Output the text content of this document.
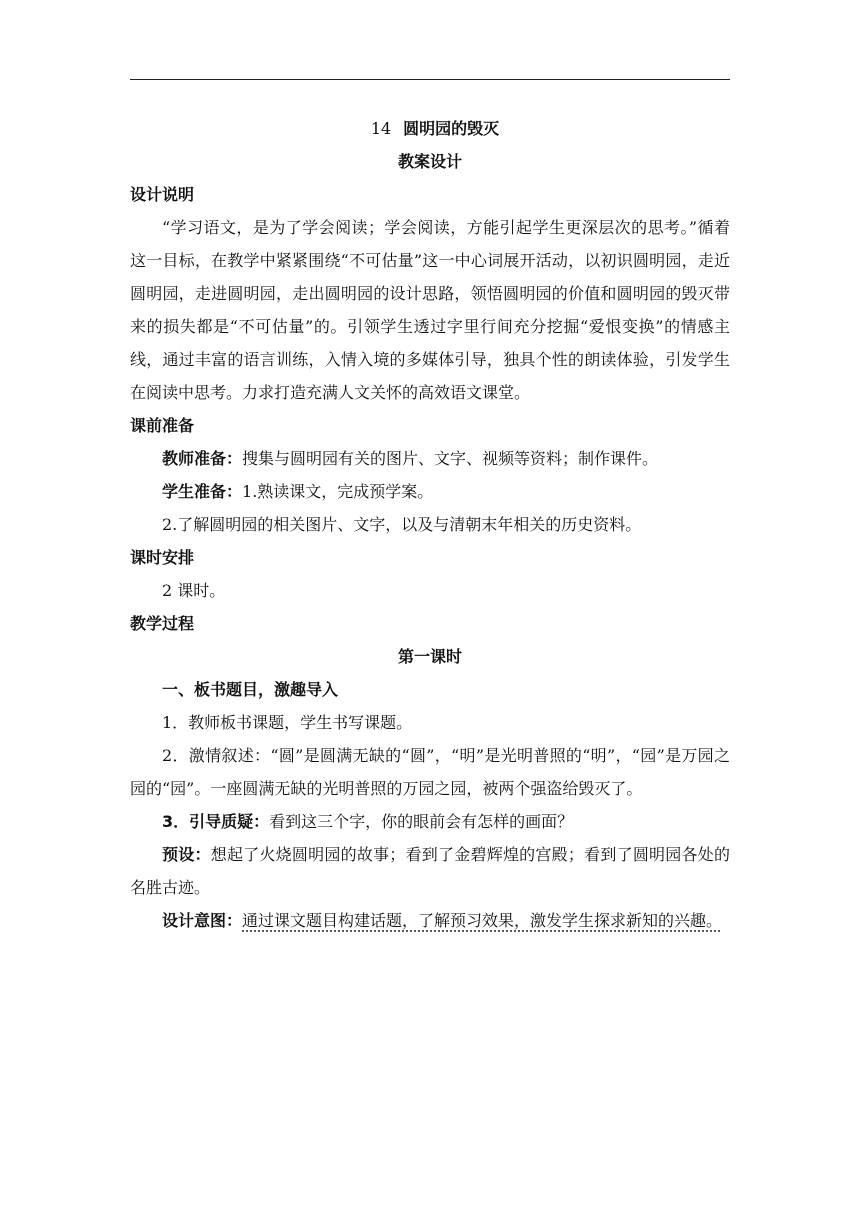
14 圆明园的毁灭

教案设计

设计说明

“学习语文，是为了学会阅读；学会阅读，方能引起学生更深层次的思考。”循着这一目标，在教学中紧紧围绕“不可估量”这一中心词展开活动，以初识圆明园，走近圆明园，走进圆明园，走出圆明园的设计思路，领悟圆明园的价值和圆明园的毁灭带来的损失都是“不可估量”的。引领学生透过字里行间充分挖掘“爱恨变换”的情感主线，通过丰富的语言训练，入情入境的多媒体引导，独具个性的朗读体验，引发学生在阅读中思考。力求打造充满人文关怀的高效语文课堂。

课前准备

教师准备：搜集与圆明园有关的图片、文字、视频等资料；制作课件。

学生准备：1.熟读课文，完成预学案。

2.了解圆明园的相关图片、文字，以及与清朝末年相关的历史资料。

课时安排

2 课时。

教学过程

第一课时

一、板书题目，激趣导入

1．教师板书课题，学生书写课题。

2．激情叙述：“圆”是圆满无缺的“圆”，“明”是光明普照的“明”，“园”是万园之园的“园”。一座圆满无缺的光明普照的万园之园，被两个强盗给毁灭了。

3．引导质疑：看到这三个字，你的眼前会有怎样的画面？

预设：想起了火烧圆明园的故事；看到了金碧辉煌的宫殿；看到了圆明园各处的名胜古迹。

设计意图：通过课文题目构建话题，了解预习效果，激发学生探求新知的兴趣。
